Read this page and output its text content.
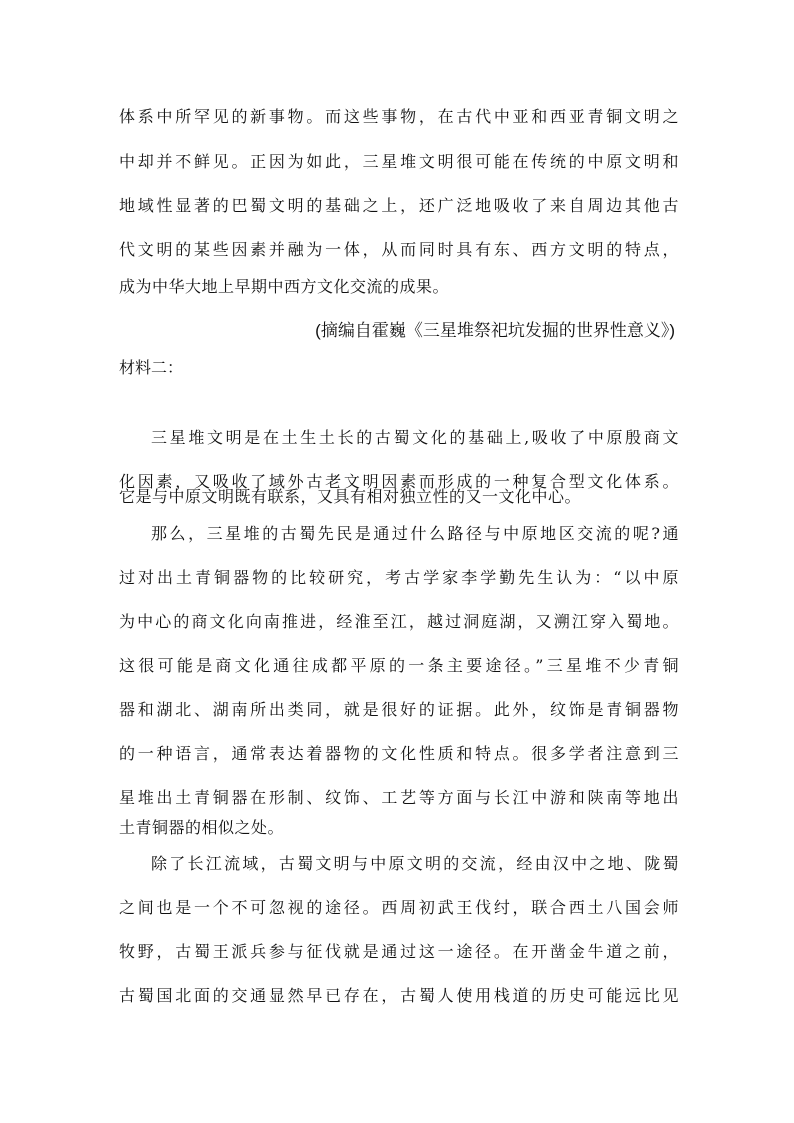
体系中所罕见的新事物。而这些事物，在古代中亚和西亚青铜文明之
中却并不鲜见。正因为如此，三星堆文明很可能在传统的中原文明和
地域性显著的巴蜀文明的基础之上，还广泛地吸收了来自周边其他古
代文明的某些因素并融为一体，从而同时具有东、西方文明的特点，
成为中华大地上早期中西方文化交流的成果。
(摘编自霍巍《三星堆祭祀坑发掘的世界性意义》)
材料二：
三星堆文明是在土生土长的古蜀文化的基础上,吸收了中原殷商文
化因素，又吸收了域外古老文明因素而形成的一种复合型文化体系。
它是与中原文明既有联系，又具有相对独立性的又一文化中心。
那么，三星堆的古蜀先民是通过什么路径与中原地区交流的呢?通
过对出土青铜器物的比较研究，考古学家李学勤先生认为：“以中原
为中心的商文化向南推进，经淮至江，越过洞庭湖，又溯江穿入蜀地。
这很可能是商文化通往成都平原的一条主要途径。”三星堆不少青铜
器和湖北、湖南所出类同，就是很好的证据。此外，纹饰是青铜器物
的一种语言，通常表达着器物的文化性质和特点。很多学者注意到三
星堆出土青铜器在形制、纹饰、工艺等方面与长江中游和陕南等地出
土青铜器的相似之处。
除了长江流域，古蜀文明与中原文明的交流，经由汉中之地、陇蜀
之间也是一个不可忽视的途径。西周初武王伐纣，联合西土八国会师
牧野，古蜀王派兵参与征伐就是通过这一途径。在开凿金牛道之前，
古蜀国北面的交通显然早已存在，古蜀人使用栈道的历史可能远比见
